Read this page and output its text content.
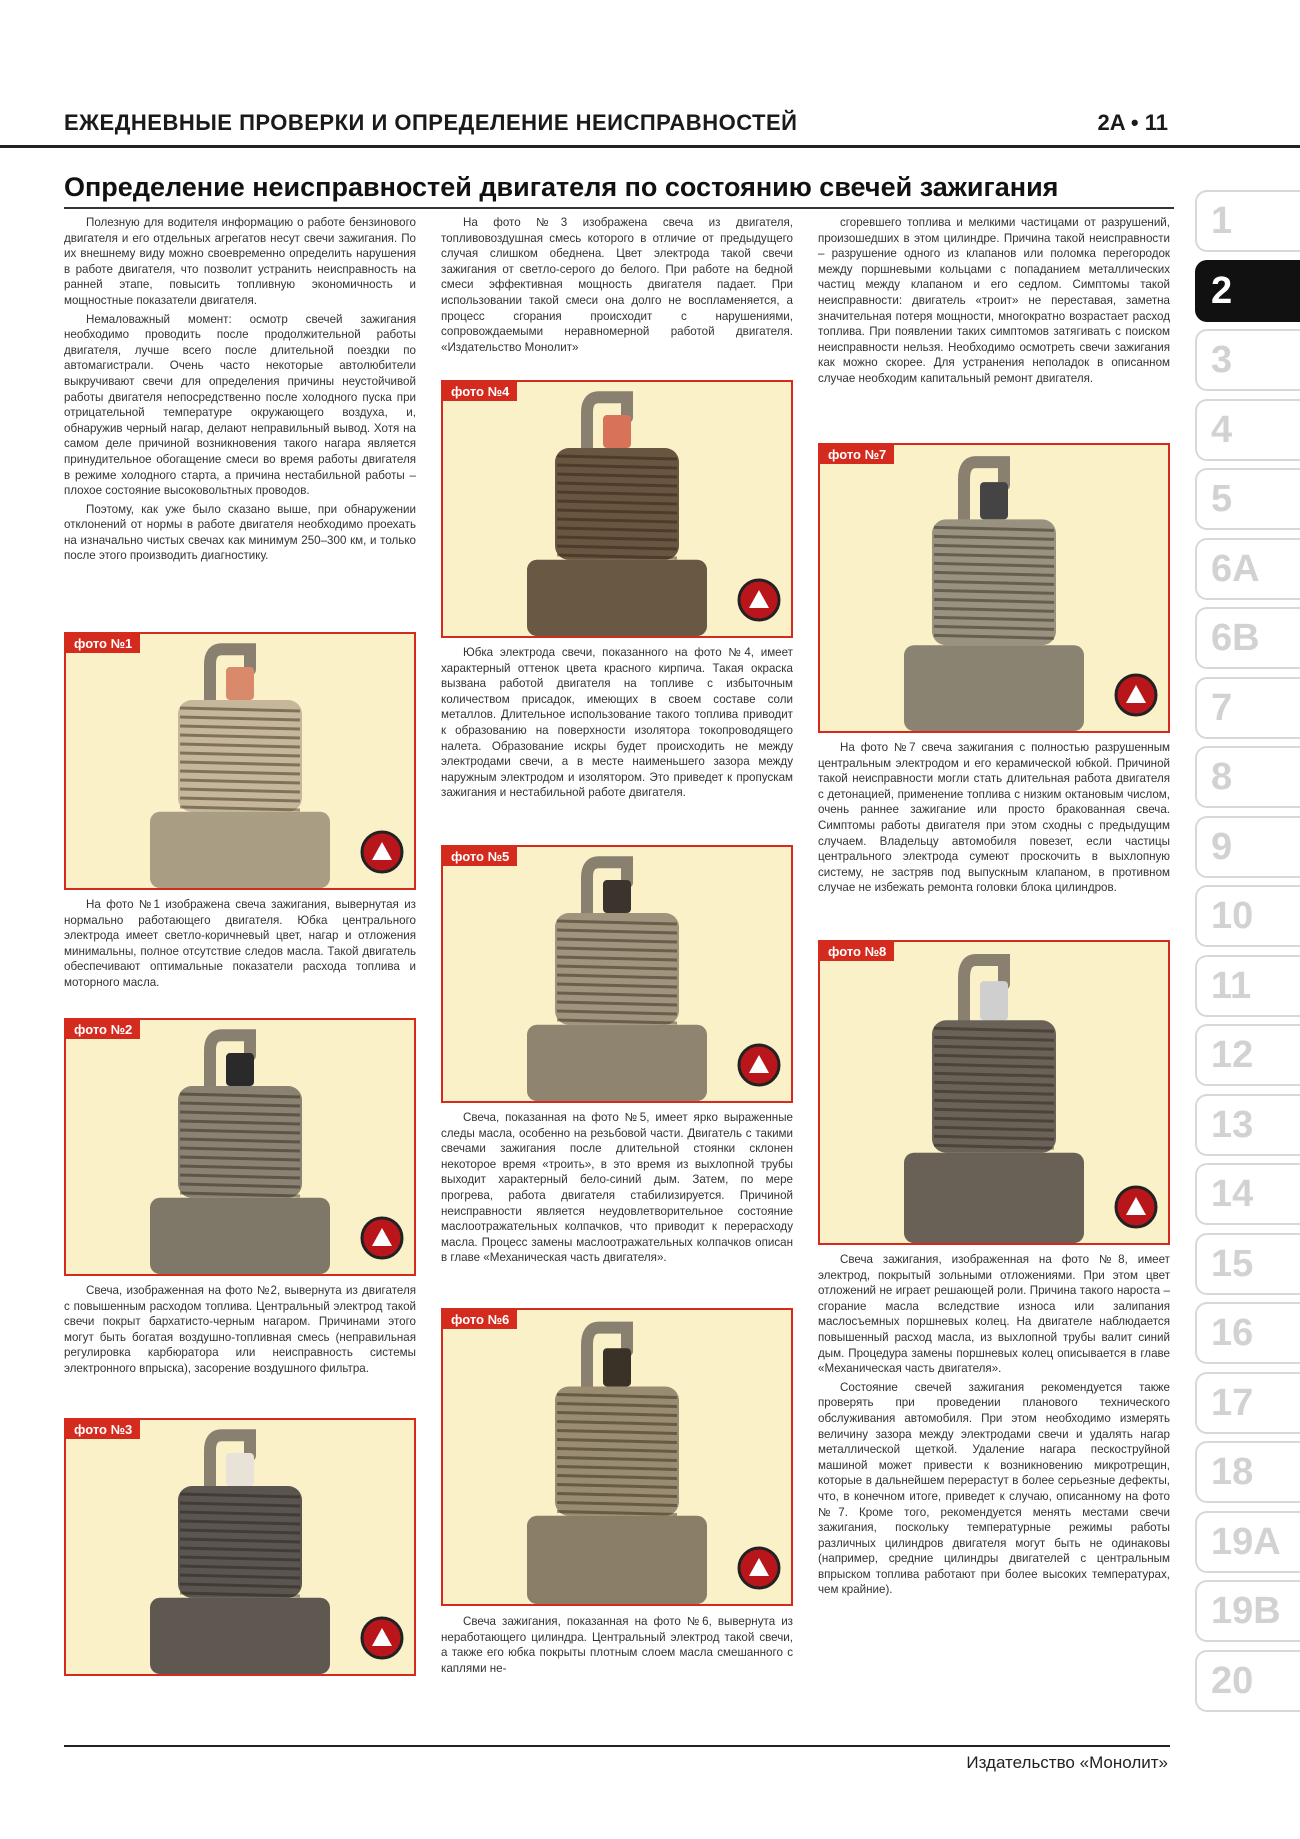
ЕЖЕДНЕВНЫЕ ПРОВЕРКИ И ОПРЕДЕЛЕНИЕ НЕИСПРАВНОСТЕЙ	2A • 11
Определение неисправностей двигателя по состоянию свечей зажигания

Полезную для водителя информацию о работе бензинового двигателя и его отдельных агрегатов несут свечи зажигания. По их внешнему виду можно своевременно определить нарушения в работе двигателя, что позволит устранить неисправность на ранней этапе, повысить топливную экономичность и мощностные показатели двигателя.

Немаловажный момент: осмотр свечей зажигания необходимо проводить после продолжительной работы двигателя, лучше всего после длительной поездки по автомагистрали. Очень часто некоторые автолюбители выкручивают свечи для определения причины неустойчивой работы двигателя непосредственно после холодного пуска при отрицательной температуре окружающего воздуха, и, обнаружив черный нагар, делают неправильный вывод. Хотя на самом деле причиной возникновения такого нагара является принудительное обогащение смеси во время работы двигателя в режиме холодного старта, а причина нестабильной работы – плохое состояние высоковольтных проводов.

Поэтому, как уже было сказано выше, при обнаружении отклонений от нормы в работе двигателя необходимо проехать на изначально чистых свечах как минимум 250–300 км, и только после этого производить диагностику.

фото №1

На фото №1 изображена свеча зажигания, вывернутая из нормально работающего двигателя. Юбка центрального электрода имеет светло-коричневый цвет, нагар и отложения минимальны, полное отсутствие следов масла. Такой двигатель обеспечивают оптимальные показатели расхода топлива и моторного масла.

фото №2

Свеча, изображенная на фото №2, вывернута из двигателя с повышенным расходом топлива. Центральный электрод такой свечи покрыт бархатисто-черным нагаром. Причинами этого могут быть богатая воздушно-топливная смесь (неправильная регулировка карбюратора или неисправность системы электронного впрыска), засорение воздушного фильтра.

фото №3

На фото №3 изображена свеча из двигателя, топливовоздушная смесь которого в отличие от предыдущего случая слишком обеднена. Цвет электрода такой свечи зажигания от светло-серого до белого. При работе на бедной смеси эффективная мощность двигателя падает. При использовании такой смеси она долго не воспламеняется, а процесс сгорания происходит с нарушениями, сопровождаемыми неравномерной работой двигателя. «Издательство Монолит»

фото №4

Юбка электрода свечи, показанного на фото №4, имеет характерный оттенок цвета красного кирпича. Такая окраска вызвана работой двигателя на топливе с избыточным количеством присадок, имеющих в своем составе соли металлов. Длительное использование такого топлива приводит к образованию на поверхности изолятора токопроводящего налета. Образование искры будет происходить не между электродами свечи, а в месте наименьшего зазора между наружным электродом и изолятором. Это приведет к пропускам зажигания и нестабильной работе двигателя.

фото №5

Свеча, показанная на фото №5, имеет ярко выраженные следы масла, особенно на резьбовой части. Двигатель с такими свечами зажигания после длительной стоянки склонен некоторое время «троить», в это время из выхлопной трубы выходит характерный бело-синий дым. Затем, по мере прогрева, работа двигателя стабилизируется. Причиной неисправности является неудовлетворительное состояние маслоотражательных колпачков, что приводит к перерасходу масла. Процесс замены маслоотражательных колпачков описан в главе «Механическая часть двигателя».

фото №6

Свеча зажигания, показанная на фото №6, вывернута из неработающего цилиндра. Центральный электрод такой свечи, а также его юбка покрыты плотным слоем масла смешанного с каплями не-

сгоревшего топлива и мелкими частицами от разрушений, произошедших в этом цилиндре. Причина такой неисправности – разрушение одного из клапанов или поломка перегородок между поршневыми кольцами с попаданием металлических частиц между клапаном и его седлом. Симптомы такой неисправности: двигатель «троит» не переставая, заметна значительная потеря мощности, многократно возрастает расход топлива. При появлении таких симптомов затягивать с поиском неисправности нельзя. Необходимо осмотреть свечи зажигания как можно скорее. Для устранения неполадок в описанном случае необходим капитальный ремонт двигателя.

фото №7

На фото №7 свеча зажигания с полностью разрушенным центральным электродом и его керамической юбкой. Причиной такой неисправности могли стать длительная работа двигателя с детонацией, применение топлива с низким октановым числом, очень раннее зажигание или просто бракованная свеча. Симптомы работы двигателя при этом сходны с предыдущим случаем. Владельцу автомобиля повезет, если частицы центрального электрода сумеют проскочить в выхлопную систему, не застряв под выпускным клапаном, в противном случае не избежать ремонта головки блока цилиндров.

фото №8

Свеча зажигания, изображенная на фото №8, имеет электрод, покрытый зольными отложениями. При этом цвет отложений не играет решающей роли. Причина такого нароста – сгорание масла вследствие износа или залипания маслосъемных поршневых колец. На двигателе наблюдается повышенный расход масла, из выхлопной трубы валит синий дым. Процедура замены поршневых колец описывается в главе «Механическая часть двигателя».

Состояние свечей зажигания рекомендуется также проверять при проведении планового технического обслуживания автомобиля. При этом необходимо измерять величину зазора между электродами свечи и удалять нагар металлической щеткой. Удаление нагара пескоструйной машиной может привести к возникновению микротрещин, которые в дальнейшем перерастут в более серьезные дефекты, что, в конечном итоге, приведет к случаю, описанному на фото №7. Кроме того, рекомендуется менять местами свечи зажигания, поскольку температурные режимы работы различных цилиндров двигателя могут быть не одинаковы (например, средние цилиндры двигателей с центральным впрыском топлива работают при более высоких температурах, чем крайние).

1
2
3
4
5
6A
6B
7
8
9
10
11
12
13
14
15
16
17
18
19A
19B
20
Издательство «Монолит»
